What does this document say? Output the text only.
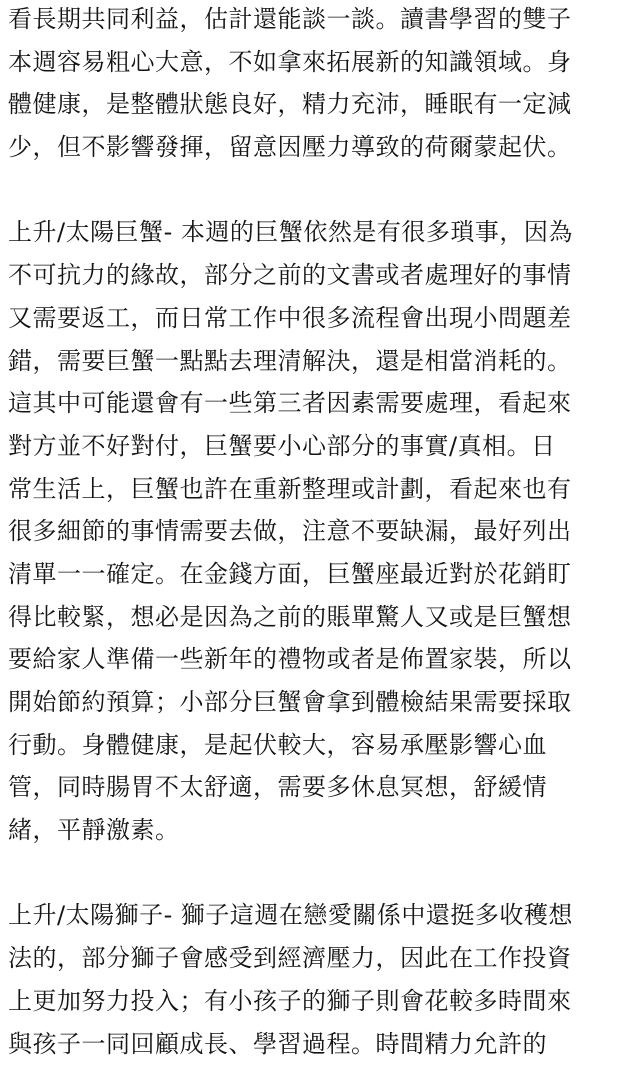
看長期共同利益，估計還能談一談。讀書學習的雙子
本週容易粗心大意，不如拿來拓展新的知識領域。身
體健康，是整體狀態良好，精力充沛，睡眠有一定減
少，但不影響發揮，留意因壓力導致的荷爾蒙起伏。

上升/太陽巨蟹- 本週的巨蟹依然是有很多瑣事，因為
不可抗力的緣故，部分之前的文書或者處理好的事情
又需要返工，而日常工作中很多流程會出現小問題差
錯，需要巨蟹一點點去理清解決，還是相當消耗的。
這其中可能還會有一些第三者因素需要處理，看起來
對方並不好對付，巨蟹要小心部分的事實/真相。日
常生活上，巨蟹也許在重新整理或計劃，看起來也有
很多細節的事情需要去做，注意不要缺漏，最好列出
清單一一確定。在金錢方面，巨蟹座最近對於花銷盯
得比較緊，想必是因為之前的賬單驚人又或是巨蟹想
要給家人準備一些新年的禮物或者是佈置家裝，所以
開始節約預算；小部分巨蟹會拿到體檢結果需要採取
行動。身體健康，是起伏較大，容易承壓影響心血
管，同時腸胃不太舒適，需要多休息冥想，舒緩情
緒，平靜激素。

上升/太陽獅子- 獅子這週在戀愛關係中還挺多收穫想
法的，部分獅子會感受到經濟壓力，因此在工作投資
上更加努力投入；有小孩子的獅子則會花較多時間來
與孩子一同回顧成長、學習過程。時間精力允許的
